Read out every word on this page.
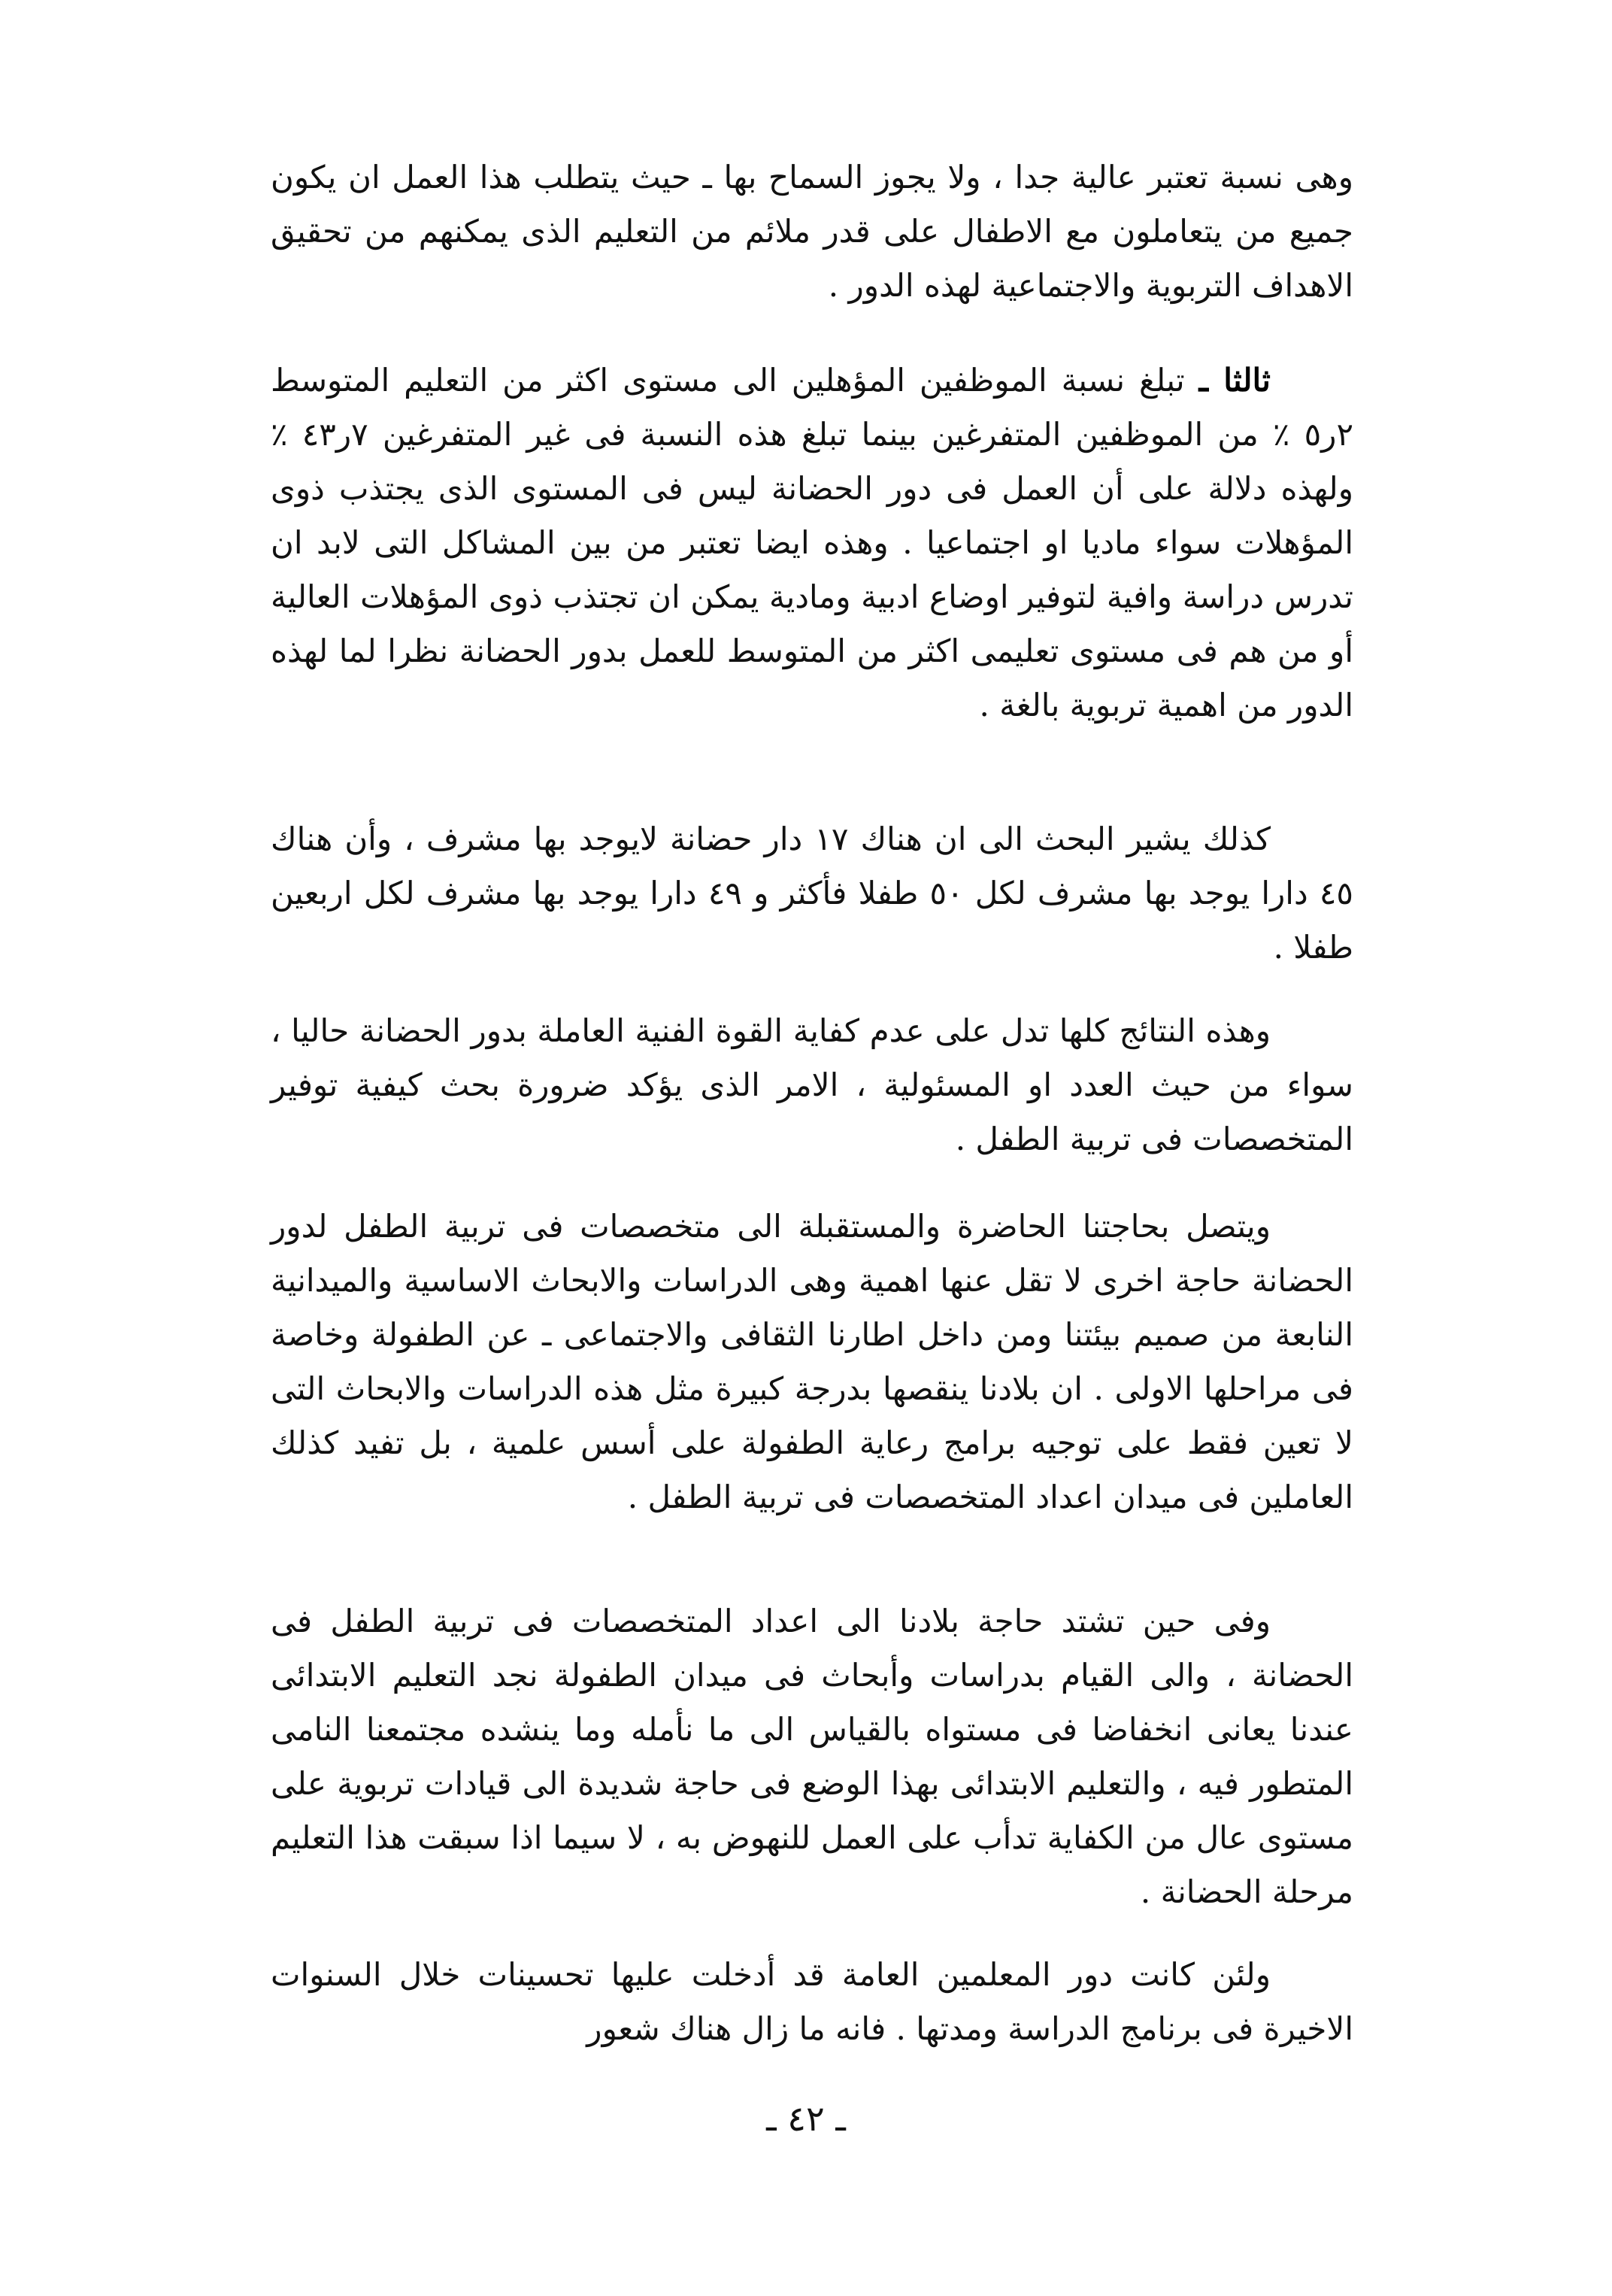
وهى نسبة تعتبر عالية جدا ، ولا يجوز السماح بها ـ حيث يتطلب هذا العمل ان يكون جميع من يتعاملون مع الاطفال على قدر ملائم من التعليم الذى يمكنهم من تحقيق الاهداف التربوية والاجتماعية لهذه الدور .

ثالثا ـ تبلغ نسبة الموظفين المؤهلين الى مستوى اكثر من التعليم المتوسط ٢ر٥ ٪ من الموظفين المتفرغين بينما تبلغ هذه النسبة فى غير المتفرغين ٧ر٤٣ ٪ ولهذه دلالة على أن العمل فى دور الحضانة ليس فى المستوى الذى يجتذب ذوى المؤهلات سواء ماديا او اجتماعيا . وهذه ايضا تعتبر من بين المشاكل التى لابد ان تدرس دراسة وافية لتوفير اوضاع ادبية ومادية يمكن ان تجتذب ذوى المؤهلات العالية أو من هم فى مستوى تعليمى اكثر من المتوسط للعمل بدور الحضانة نظرا لما لهذه الدور من اهمية تربوية بالغة .

كذلك يشير البحث الى ان هناك ١٧ دار حضانة لايوجد بها مشرف ، وأن هناك ٤٥ دارا يوجد بها مشرف لكل ٥٠ طفلا فأكثر و ٤٩ دارا يوجد بها مشرف لكل اربعين طفلا .

وهذه النتائج كلها تدل على عدم كفاية القوة الفنية العاملة بدور الحضانة حاليا ، سواء من حيث العدد او المسئولية ، الامر الذى يؤكد ضرورة بحث كيفية توفير المتخصصات فى تربية الطفل .

ويتصل بحاجتنا الحاضرة والمستقبلة الى متخصصات فى تربية الطفل لدور الحضانة حاجة اخرى لا تقل عنها اهمية وهى الدراسات والابحاث الاساسية والميدانية النابعة من صميم بيئتنا ومن داخل اطارنا الثقافى والاجتماعى ـ عن الطفولة وخاصة فى مراحلها الاولى . ان بلادنا ينقصها بدرجة كبيرة مثل هذه الدراسات والابحاث التى لا تعين فقط على توجيه برامج رعاية الطفولة على أسس علمية ، بل تفيد كذلك العاملين فى ميدان اعداد المتخصصات فى تربية الطفل .

وفى حين تشتد حاجة بلادنا الى اعداد المتخصصات فى تربية الطفل فى الحضانة ، والى القيام بدراسات وأبحاث فى ميدان الطفولة نجد التعليم الابتدائى عندنا يعانى انخفاضا فى مستواه بالقياس الى ما نأمله وما ينشده مجتمعنا النامى المتطور فيه ، والتعليم الابتدائى بهذا الوضع فى حاجة شديدة الى قيادات تربوية على مستوى عال من الكفاية تدأب على العمل للنهوض به ، لا سيما اذا سبقت هذا التعليم مرحلة الحضانة .

ولئن كانت دور المعلمين العامة قد أدخلت عليها تحسينات خلال السنوات الاخيرة فى برنامج الدراسة ومدتها . فانه ما زال هناك شعور

ـ ٤٢ ـ
